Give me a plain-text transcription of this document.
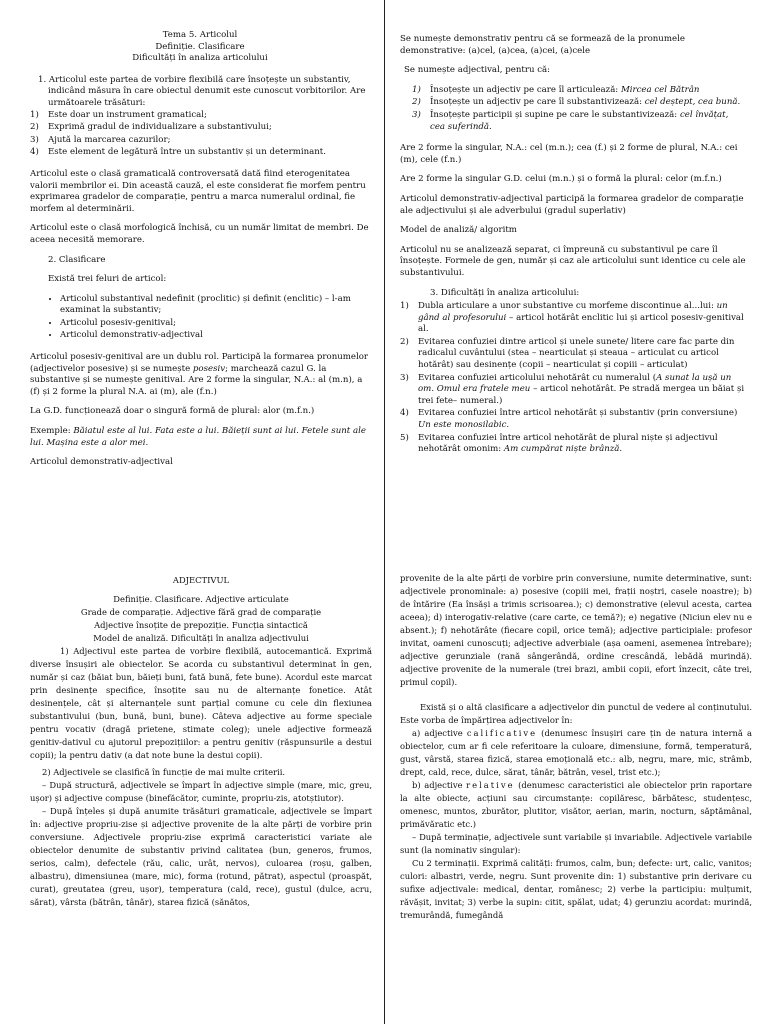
Tema 5. Articolul
Definiție. Clasificare
Dificultăți în analiza articolului

1. Articolul este partea de vorbire flexibilă care însoțește un substantiv, indicând măsura în care obiectul denumit este cunoscut vorbitorilor. Are următoarele trăsături:

1)	Este doar un instrument gramatical;
2)	Exprimă gradul de individualizare a substantivului;
3)	Ajută la marcarea cazurilor;
4)	Este element de legătură între un substantiv și un determinant.

Articolul este o clasă gramaticală controversată dată fiind eterogenitatea valorii membrilor ei. Din această cauză, el este considerat fie morfem pentru exprimarea gradelor de comparație, pentru a marca numeralul ordinal, fie morfem al determinării.

Articolul este o clasă morfologică închisă, cu un număr limitat de membri. De aceea necesită memorare.

2. Clasificare

Există trei feluri de articol:

• Articolul substantival nedefinit (proclitic) și definit (enclitic) – l-am examinat la substantiv;
• Articolul posesiv-genitival;
• Articolul demonstrativ-adjectival

Articolul posesiv-genitival are un dublu rol. Participă la formarea pronumelor (adjectivelor posesive) și se numește posesiv; marchează cazul G. la substantive și se numește genitival. Are 2 forme la singular, N.A.: al (m.n), a (f) și 2 forme la plural N.A. ai (m), ale (f.n.)

La G.D. funcționează doar o singură formă de plural: alor (m.f.n.)

Exemple: Băiatul este al lui. Fata este a lui. Băieții sunt ai lui. Fetele sunt ale lui. Mașina este a alor mei.

Articolul demonstrativ-adjectival

Se numește demonstrativ pentru că se formează de la pronumele demonstrative: (a)cel, (a)cea, (a)cei, (a)cele

Se numește adjectival, pentru că:

1)	Însoțește un adjectiv pe care îl articulează: Mircea cel Bătrân
2)	Însoțește un adjectiv pe care îl substantivizează: cel deștept, cea bună.
3)	Însoțește participii și supine pe care le substantivizează: cel învățat, cea suferindă.

Are 2 forme la singular, N.A.: cel (m.n.); cea (f.) și 2 forme de plural, N.A.: cei (m), cele (f.n.)

Are 2 forme la singular G.D. celui (m.n.) și o formă la plural: celor (m.f.n.)

Articolul demonstrativ-adjectival participă la formarea gradelor de comparație ale adjectivului și ale adverbului (gradul superlativ)

Model de analiză/ algoritm

Articolul nu se analizează separat, ci împreună cu substantivul pe care îl însoțește. Formele de gen, număr și caz ale articolului sunt identice cu cele ale substantivului.

3. Dificultăți în analiza articolului:

1)	Dubla articulare a unor substantive cu morfeme discontinue al...lui: un gând al profesorului – articol hotărât enclitic lui și articol posesiv-genitival al.
2)	Evitarea confuziei dintre articol și unele sunete/ litere care fac parte din radicalul cuvântului (stea – nearticulat și steaua – articulat cu articol hotărât) sau desinențe (copii – nearticulat și copiii – articulat)
3)	Evitarea confuziei articolului nehotărât cu numeralul (A sunat la ușă un om. Omul era fratele meu – articol nehotărât. Pe stradă mergea un băiat și trei fete– numeral.)
4)	Evitarea confuziei între articol nehotărât și substantiv (prin conversiune) Un este monosilabic.
5)	Evitarea confuziei între articol nehotărât de plural niște și adjectivul nehotărât omonim: Am cumpărat niște brânză.
ADJECTIVUL
Definiție. Clasificare. Adjective articulate
Grade de comparație. Adjective fără grad de comparație
Adjective însoțite de prepoziție. Funcția sintactică
Model de analiză. Dificultăți în analiza adjectivului

1) Adjectivul este partea de vorbire flexibilă, autocemantică. Exprimă diverse însușiri ale obiectelor. Se acorda cu substantivul determinat în gen, număr și caz (băiat bun, băieți buni, fată bună, fete bune). Acordul este marcat prin desinențe specifice, însoțite sau nu de alternanțe fonetice. Atât desinențele, cât și alternanțele sunt parțial comune cu cele din flexiunea substantivului (bun, bună, buni, bune). Câteva adjective au forme speciale pentru vocativ (dragă prietene, stimate coleg); unele adjective formează genitiv-dativul cu ajutorul prepozițiilor: a pentru genitiv (răspunsurile a destui copii); la pentru dativ (a dat note bune la destui copii).

2) Adjectivele se clasifică în funcție de mai multe criterii.

– După structură, adjectivele se împart în adjective simple (mare, mic, greu, ușor) și adjective compuse (binefăcător, cuminte, propriu-zis, atotștiutor).

– După înțeles și după anumite trăsături gramaticale, adjectivele se împart în: adjective propriu-zise și adjective provenite de la alte părți de vorbire prin conversiune. Adjectivele propriu-zise exprimă caracteristici variate ale obiectelor denumite de substantiv privind calitatea (bun, generos, frumos, serios, calm), defectele (rău, calic, urât, nervos), culoarea (roșu, galben, albastru), dimensiunea (mare, mic), forma (rotund, pătrat), aspectul (proaspăt, curat), greutatea (greu, ușor), temperatura (cald, rece), gustul (dulce, acru, sărat), vârsta (bătrân, tânăr), starea fizică (sănătos,

provenite de la alte părți de vorbire prin conversiune, numite determinative, sunt: adjectivele pronominale: a) posesive (copiii mei, frații noștri, casele noastre); b) de întărire (Ea însăși a trimis scrisoarea.); c) demonstrative (elevul acesta, cartea aceea); d) interogativ-relative (care carte, ce temă?); e) negative (Niciun elev nu e absent.); f) nehotărâte (fiecare copil, orice temă); adjective participiale: profesor invitat, oameni cunoscuți; adjective adverbiale (așa oameni, asemenea întrebare); adjective gerunziale (rană sângerândă, ordine crescândă, lebădă murindă). adjective provenite de la numerale (trei brazi, ambii copii, efort înzecit, câte trei, primul copil).

Există și o altă clasificare a adjectivelor din punctul de vedere al conținutului. Este vorba de împărțirea adjectivelor în:

a) adjective calificative (denumesc însușiri care țin de natura internă a obiectelor, cum ar fi cele referitoare la culoare, dimensiune, formă, temperatură, gust, vârstă, starea fizică, starea emoțională etc.: alb, negru, mare, mic, strâmb, drept, cald, rece, dulce, sărat, tânăr, bătrân, vesel, trist etc.);

b) adjective relative (denumesc caracteristici ale obiectelor prin raportare la alte obiecte, acțiuni sau circumstanțe: copilăresc, bărbătesc, studențesc, omenesc, muntos, zburător, plutitor, visător, aerian, marin, nocturn, săptămânal, primăvăratic etc.)

– După terminație, adjectivele sunt variabile și invariabile. Adjectivele variabile sunt (la nominativ singular):

Cu 2 terminații. Exprimă calități: frumos, calm, bun; defecte: urt, calic, vanitos; culori: albastri, verde, negru. Sunt provenite din: 1) substantive prin derivare cu sufixe adjectivale: medical, dentar, românesc; 2) verbe la participiu: mulțumit, răvășit, invitat; 3) verbe la supin: citit, spălat, udat; 4) gerunziu acordat: murindă, tremurândă, fumegândă
